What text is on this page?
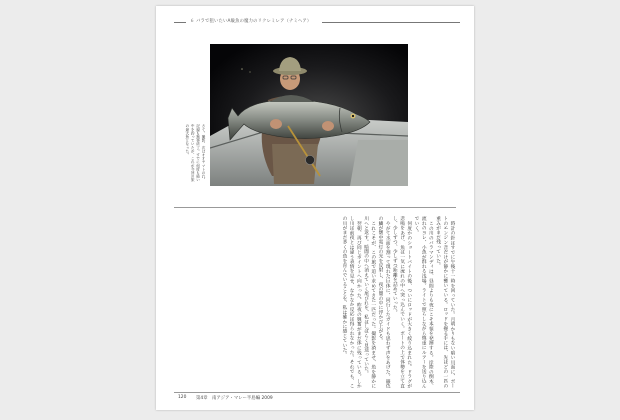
６ バラで狙いたいA級魚の魔力のリクレミレア（ナミヘア）
さて、撮影、次はオオヤマトのれ、記録も無事終了。すでに何度も暗い中を釣っていたが、これが今回の旅の最大魚となった。

時計の針はすでに午後十一時を回っていた。月明かりもない暗い川面に、ボートのエンジン音だけが静かに響いている。ロッドを握る手には、先ほどの一匹の重みがまだ残っていた。

この川のバラマンディは、昼間よりも夜にこそ本領を発揮する。岸際の倒木、流れのヨレ、小魚が群れる浅場。ライトで照らしながら慎重にルアーを送り込んでいく。

何度かのショートバイトの後、ついにロッドが大きく絞り込まれた。ドラグが悲鳴をあげ、魚は一気に流れの中へ突っ込んでいく。ボートの上で体勢を立て直し、少しずつ、少しずつ距離を詰めていった。

やがて水面を割って現れた巨体に、同行したガイドも思わず声をあげた。銀色の鱗が懐中電灯の光を反射し、夜の闇の中に浮かび上がる。

これこそが、この旅で追い求めてきた一匹だった。撮影を済ませ、魚を静かに川へと返す。暗闇の中へ消えていく尾びれを、私はしばらく見送っていた。

翌朝、再び同じポイントへ向かった。昨夜の興奮がまだ体に残っている。しかし川は前夜とは違う表情を見せ、なかなか反応は得られなかった。それでも、この川がまだ多くの魚を育んでいることを、私は確かに感じていた。

120 第4章　南アジア・マレー半島編 2009
